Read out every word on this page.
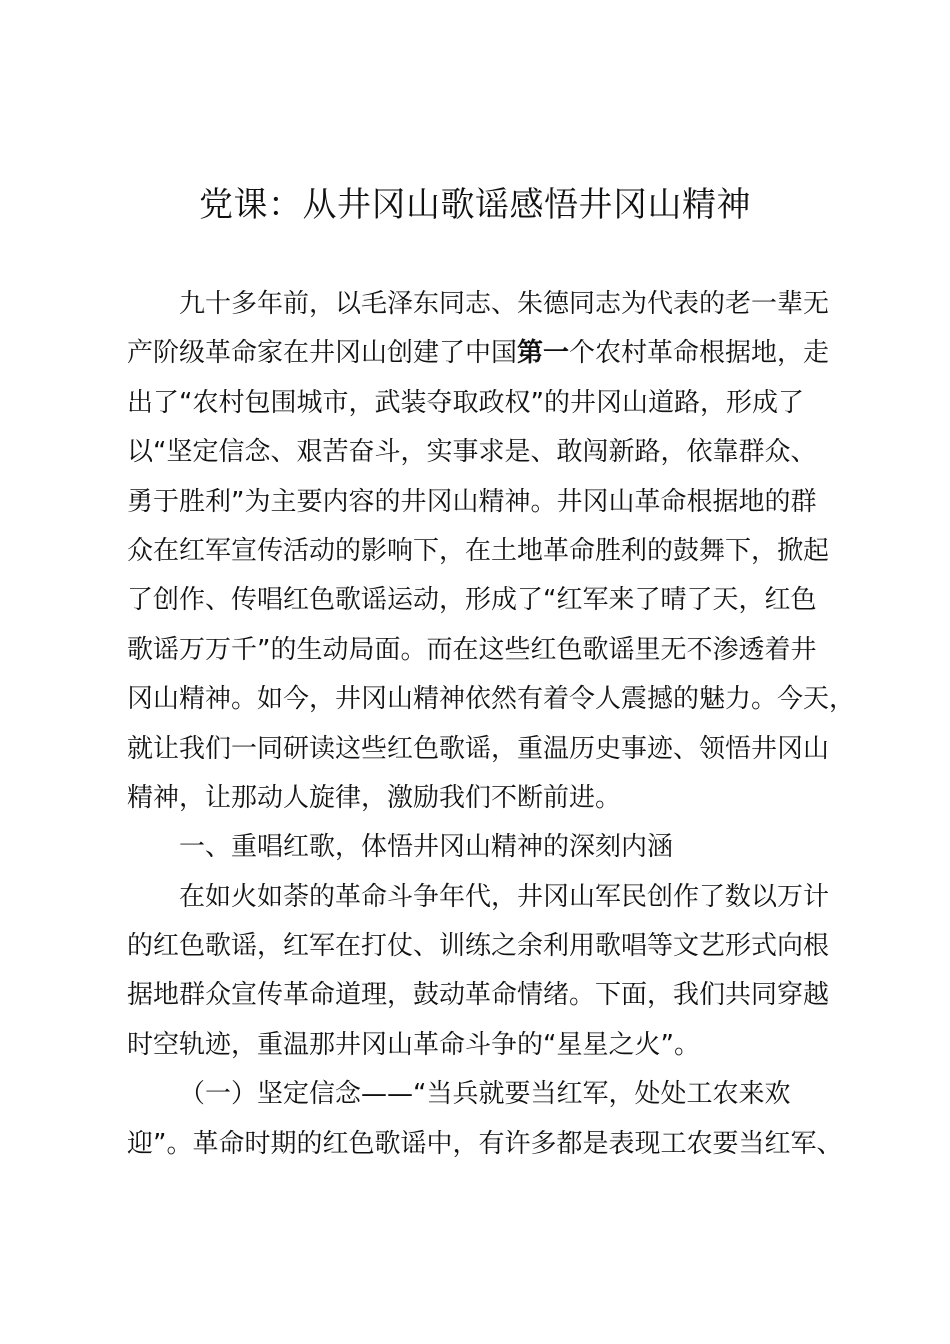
党课：从井冈山歌谣感悟井冈山精神
九十多年前，以毛泽东同志、朱德同志为代表的老一辈无
产阶级革命家在井冈山创建了中国第一个农村革命根据地，走
出了“农村包围城市，武装夺取政权”的井冈山道路，形成了
以“坚定信念、艰苦奋斗，实事求是、敢闯新路，依靠群众、
勇于胜利”为主要内容的井冈山精神。井冈山革命根据地的群
众在红军宣传活动的影响下，在土地革命胜利的鼓舞下，掀起
了创作、传唱红色歌谣运动，形成了“红军来了晴了天，红色
歌谣万万千”的生动局面。而在这些红色歌谣里无不渗透着井
冈山精神。如今，井冈山精神依然有着令人震撼的魅力。今天，
就让我们一同研读这些红色歌谣，重温历史事迹、领悟井冈山
精神，让那动人旋律，激励我们不断前进。
一、重唱红歌，体悟井冈山精神的深刻内涵
在如火如荼的革命斗争年代，井冈山军民创作了数以万计
的红色歌谣，红军在打仗、训练之余利用歌唱等文艺形式向根
据地群众宣传革命道理，鼓动革命情绪。下面，我们共同穿越
时空轨迹，重温那井冈山革命斗争的“星星之火”。
（一）坚定信念——“当兵就要当红军，处处工农来欢
迎”。革命时期的红色歌谣中，有许多都是表现工农要当红军、
